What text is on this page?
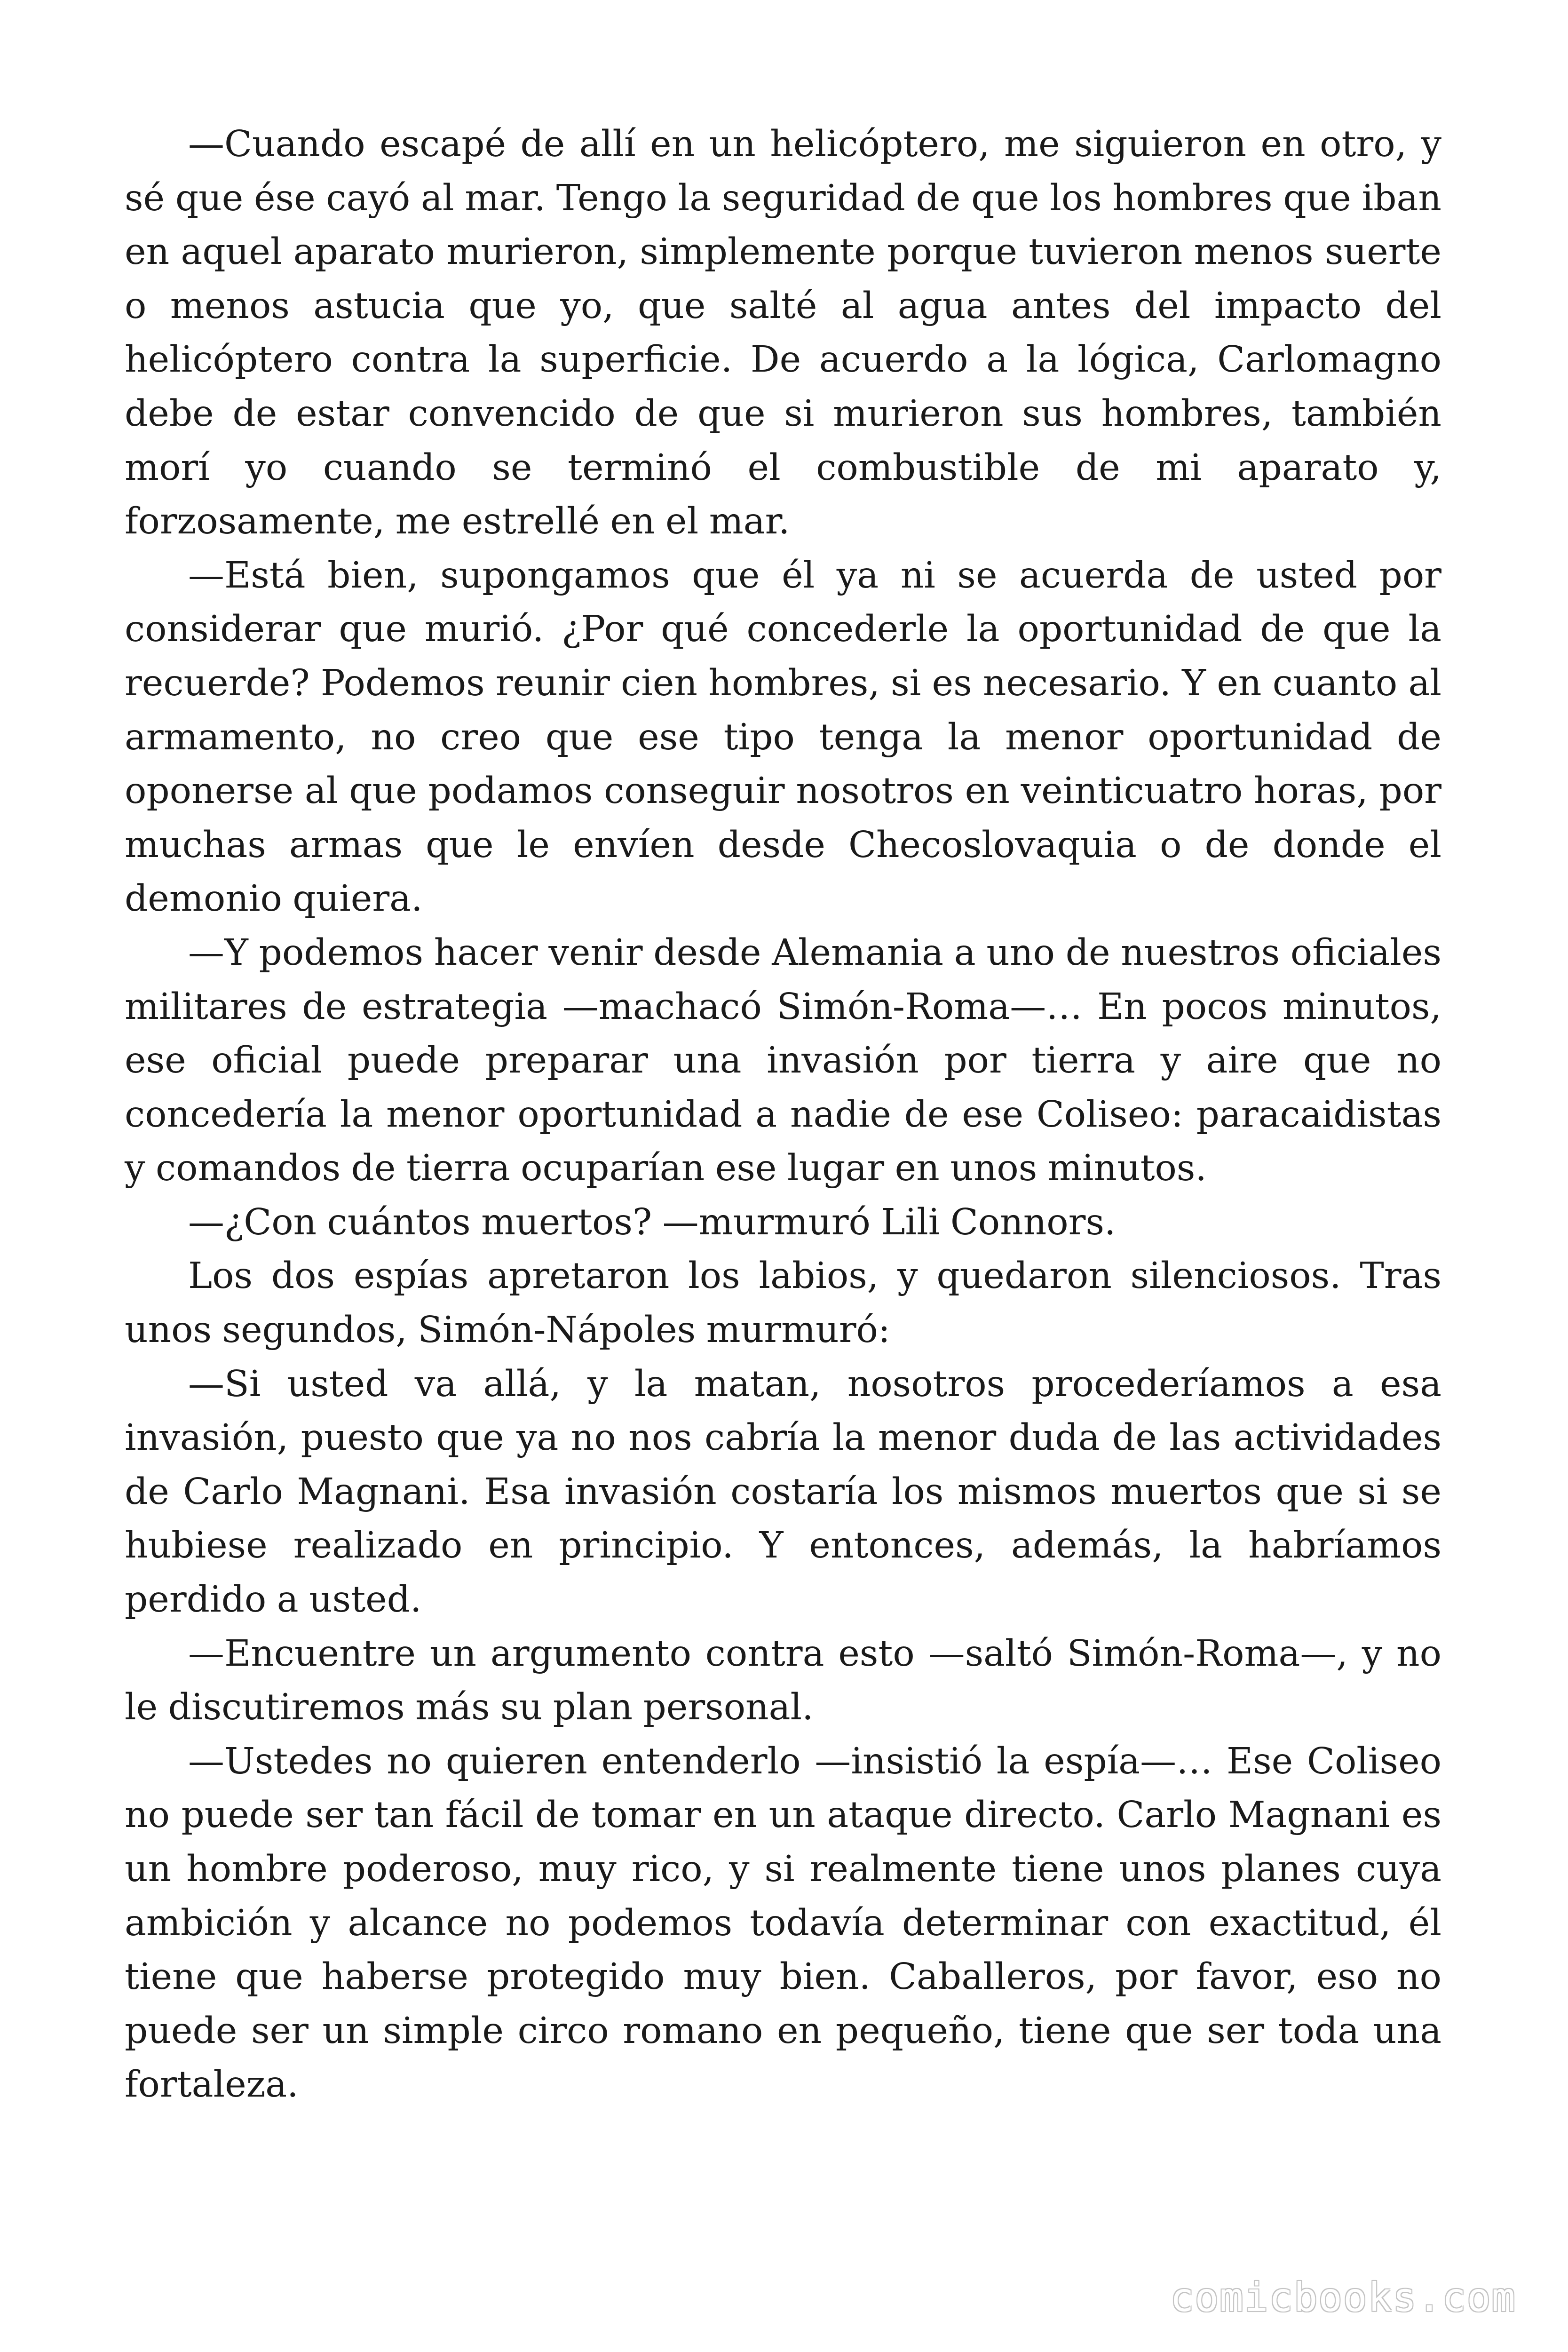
—Cuando escapé de allí en un helicóptero, me siguieron en otro, y sé que ése cayó al mar. Tengo la seguridad de que los hombres que iban en aquel aparato murieron, simplemente porque tuvieron menos suerte o menos astucia que yo, que salté al agua antes del impacto del helicóptero contra la superficie. De acuerdo a la lógica, Carlomagno debe de estar convencido de que si murieron sus hombres, también morí yo cuando se terminó el combustible de mi aparato y, forzosamente, me estrellé en el mar.

—Está bien, supongamos que él ya ni se acuerda de usted por considerar que murió. ¿Por qué concederle la oportunidad de que la recuerde? Podemos reunir cien hombres, si es necesario. Y en cuanto al armamento, no creo que ese tipo tenga la menor oportunidad de oponerse al que podamos conseguir nosotros en veinticuatro horas, por muchas armas que le envíen desde Checoslovaquia o de donde el demonio quiera.

—Y podemos hacer venir desde Alemania a uno de nuestros oficiales militares de estrategia —machacó Simón-Roma—… En pocos minutos, ese oficial puede preparar una invasión por tierra y aire que no concedería la menor oportunidad a nadie de ese Coliseo: paracaidistas y comandos de tierra ocuparían ese lugar en unos minutos.

—¿Con cuántos muertos? —murmuró Lili Connors.

Los dos espías apretaron los labios, y quedaron silenciosos. Tras unos segundos, Simón-Nápoles murmuró:

—Si usted va allá, y la matan, nosotros procederíamos a esa invasión, puesto que ya no nos cabría la menor duda de las actividades de Carlo Magnani. Esa invasión costaría los mismos muertos que si se hubiese realizado en principio. Y entonces, además, la habríamos perdido a usted.

—Encuentre un argumento contra esto —saltó Simón-Roma—, y no le discutiremos más su plan personal.

—Ustedes no quieren entenderlo —insistió la espía—… Ese Coliseo no puede ser tan fácil de tomar en un ataque directo. Carlo Magnani es un hombre poderoso, muy rico, y si realmente tiene unos planes cuya ambición y alcance no podemos todavía determinar con exactitud, él tiene que haberse protegido muy bien. Caballeros, por favor, eso no puede ser un simple circo romano en pequeño, tiene que ser toda una fortaleza.

comicbooks.com
